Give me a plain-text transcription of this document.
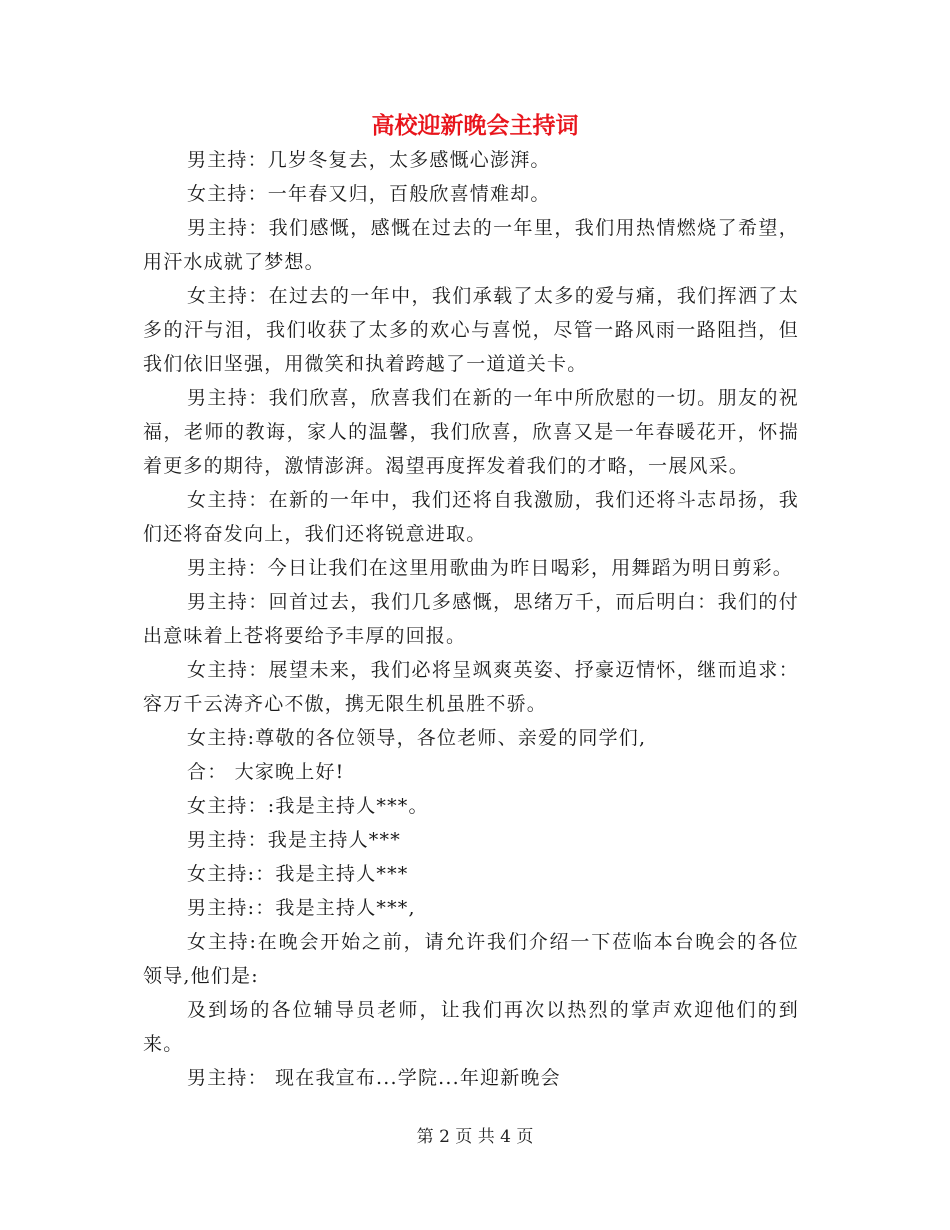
高校迎新晚会主持词

男主持：几岁冬复去，太多感慨心澎湃。

女主持：一年春又归，百般欣喜情难却。

男主持：我们感慨，感慨在过去的一年里，我们用热情燃烧了希望，用汗水成就了梦想。

女主持：在过去的一年中，我们承载了太多的爱与痛，我们挥洒了太多的汗与泪，我们收获了太多的欢心与喜悦，尽管一路风雨一路阻挡，但我们依旧坚强，用微笑和执着跨越了一道道关卡。

男主持：我们欣喜，欣喜我们在新的一年中所欣慰的一切。朋友的祝福，老师的教诲，家人的温馨，我们欣喜，欣喜又是一年春暖花开，怀揣着更多的期待，激情澎湃。渴望再度挥发着我们的才略，一展风采。

女主持：在新的一年中，我们还将自我激励，我们还将斗志昂扬，我们还将奋发向上，我们还将锐意进取。

男主持：今日让我们在这里用歌曲为昨日喝彩，用舞蹈为明日剪彩。

男主持：回首过去，我们几多感慨，思绪万千，而后明白：我们的付出意味着上苍将要给予丰厚的回报。

女主持：展望未来，我们必将呈飒爽英姿、抒豪迈情怀，继而追求：容万千云涛齐心不傲，携无限生机虽胜不骄。

女主持:尊敬的各位领导，各位老师、亲爱的同学们,

合： 大家晚上好!

女主持：:我是主持人***。

男主持：我是主持人***

女主持:：我是主持人***

男主持:：我是主持人***,

女主持:在晚会开始之前，请允许我们介绍一下莅临本台晚会的各位领导,他们是:

及到场的各位辅导员老师，让我们再次以热烈的掌声欢迎他们的到来。

男主持： 现在我宣布...学院...年迎新晚会

第 2 页 共 4 页
